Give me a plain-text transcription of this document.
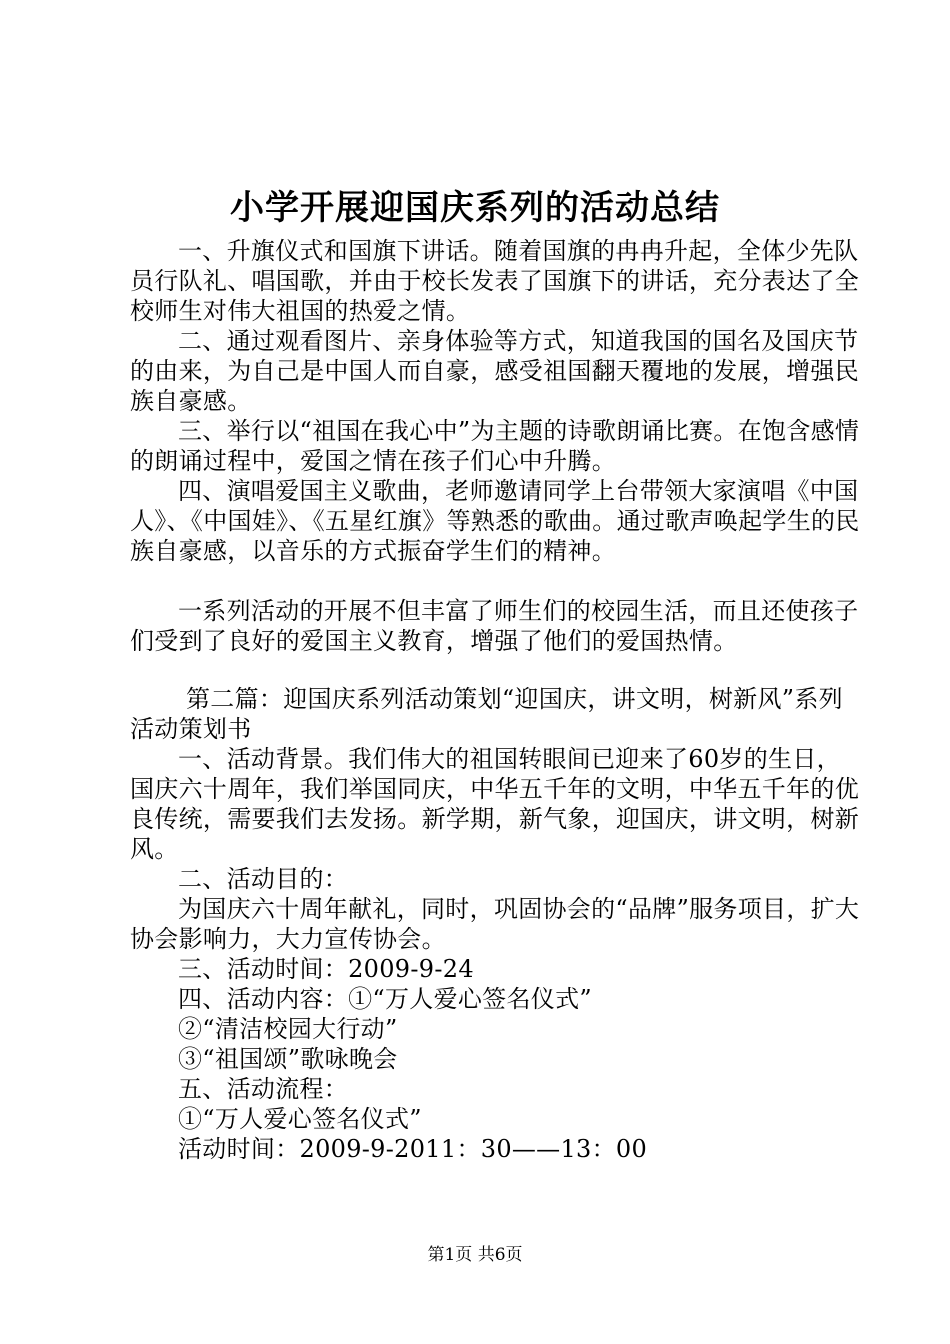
小学开展迎国庆系列的活动总结

一、升旗仪式和国旗下讲话。随着国旗的冉冉升起，全体少先队员行队礼、唱国歌，并由于校长发表了国旗下的讲话，充分表达了全校师生对伟大祖国的热爱之情。

二、通过观看图片、亲身体验等方式，知道我国的国名及国庆节的由来，为自己是中国人而自豪，感受祖国翻天覆地的发展，增强民族自豪感。

三、举行以“祖国在我心中”为主题的诗歌朗诵比赛。在饱含感情的朗诵过程中，爱国之情在孩子们心中升腾。

四、演唱爱国主义歌曲，老师邀请同学上台带领大家演唱《中国人》、《中国娃》、《五星红旗》等熟悉的歌曲。通过歌声唤起学生的民族自豪感，以音乐的方式振奋学生们的精神。

一系列活动的开展不但丰富了师生们的校园生活，而且还使孩子们受到了良好的爱国主义教育，增强了他们的爱国热情。

第二篇：迎国庆系列活动策划“迎国庆，讲文明，树新风”系列活动策划书

一、活动背景。我们伟大的祖国转眼间已迎来了60岁的生日，国庆六十周年，我们举国同庆，中华五千年的文明，中华五千年的优良传统，需要我们去发扬。新学期，新气象，迎国庆，讲文明，树新风。

二、活动目的：

为国庆六十周年献礼，同时，巩固协会的“品牌”服务项目，扩大协会影响力，大力宣传协会。

三、活动时间：2009-9-24

四、活动内容：①“万人爱心签名仪式”

②“清洁校园大行动”

③“祖国颂”歌咏晚会

五、活动流程：

①“万人爱心签名仪式”

活动时间：2009-9-2011：30——13：00

第1页 共6页
